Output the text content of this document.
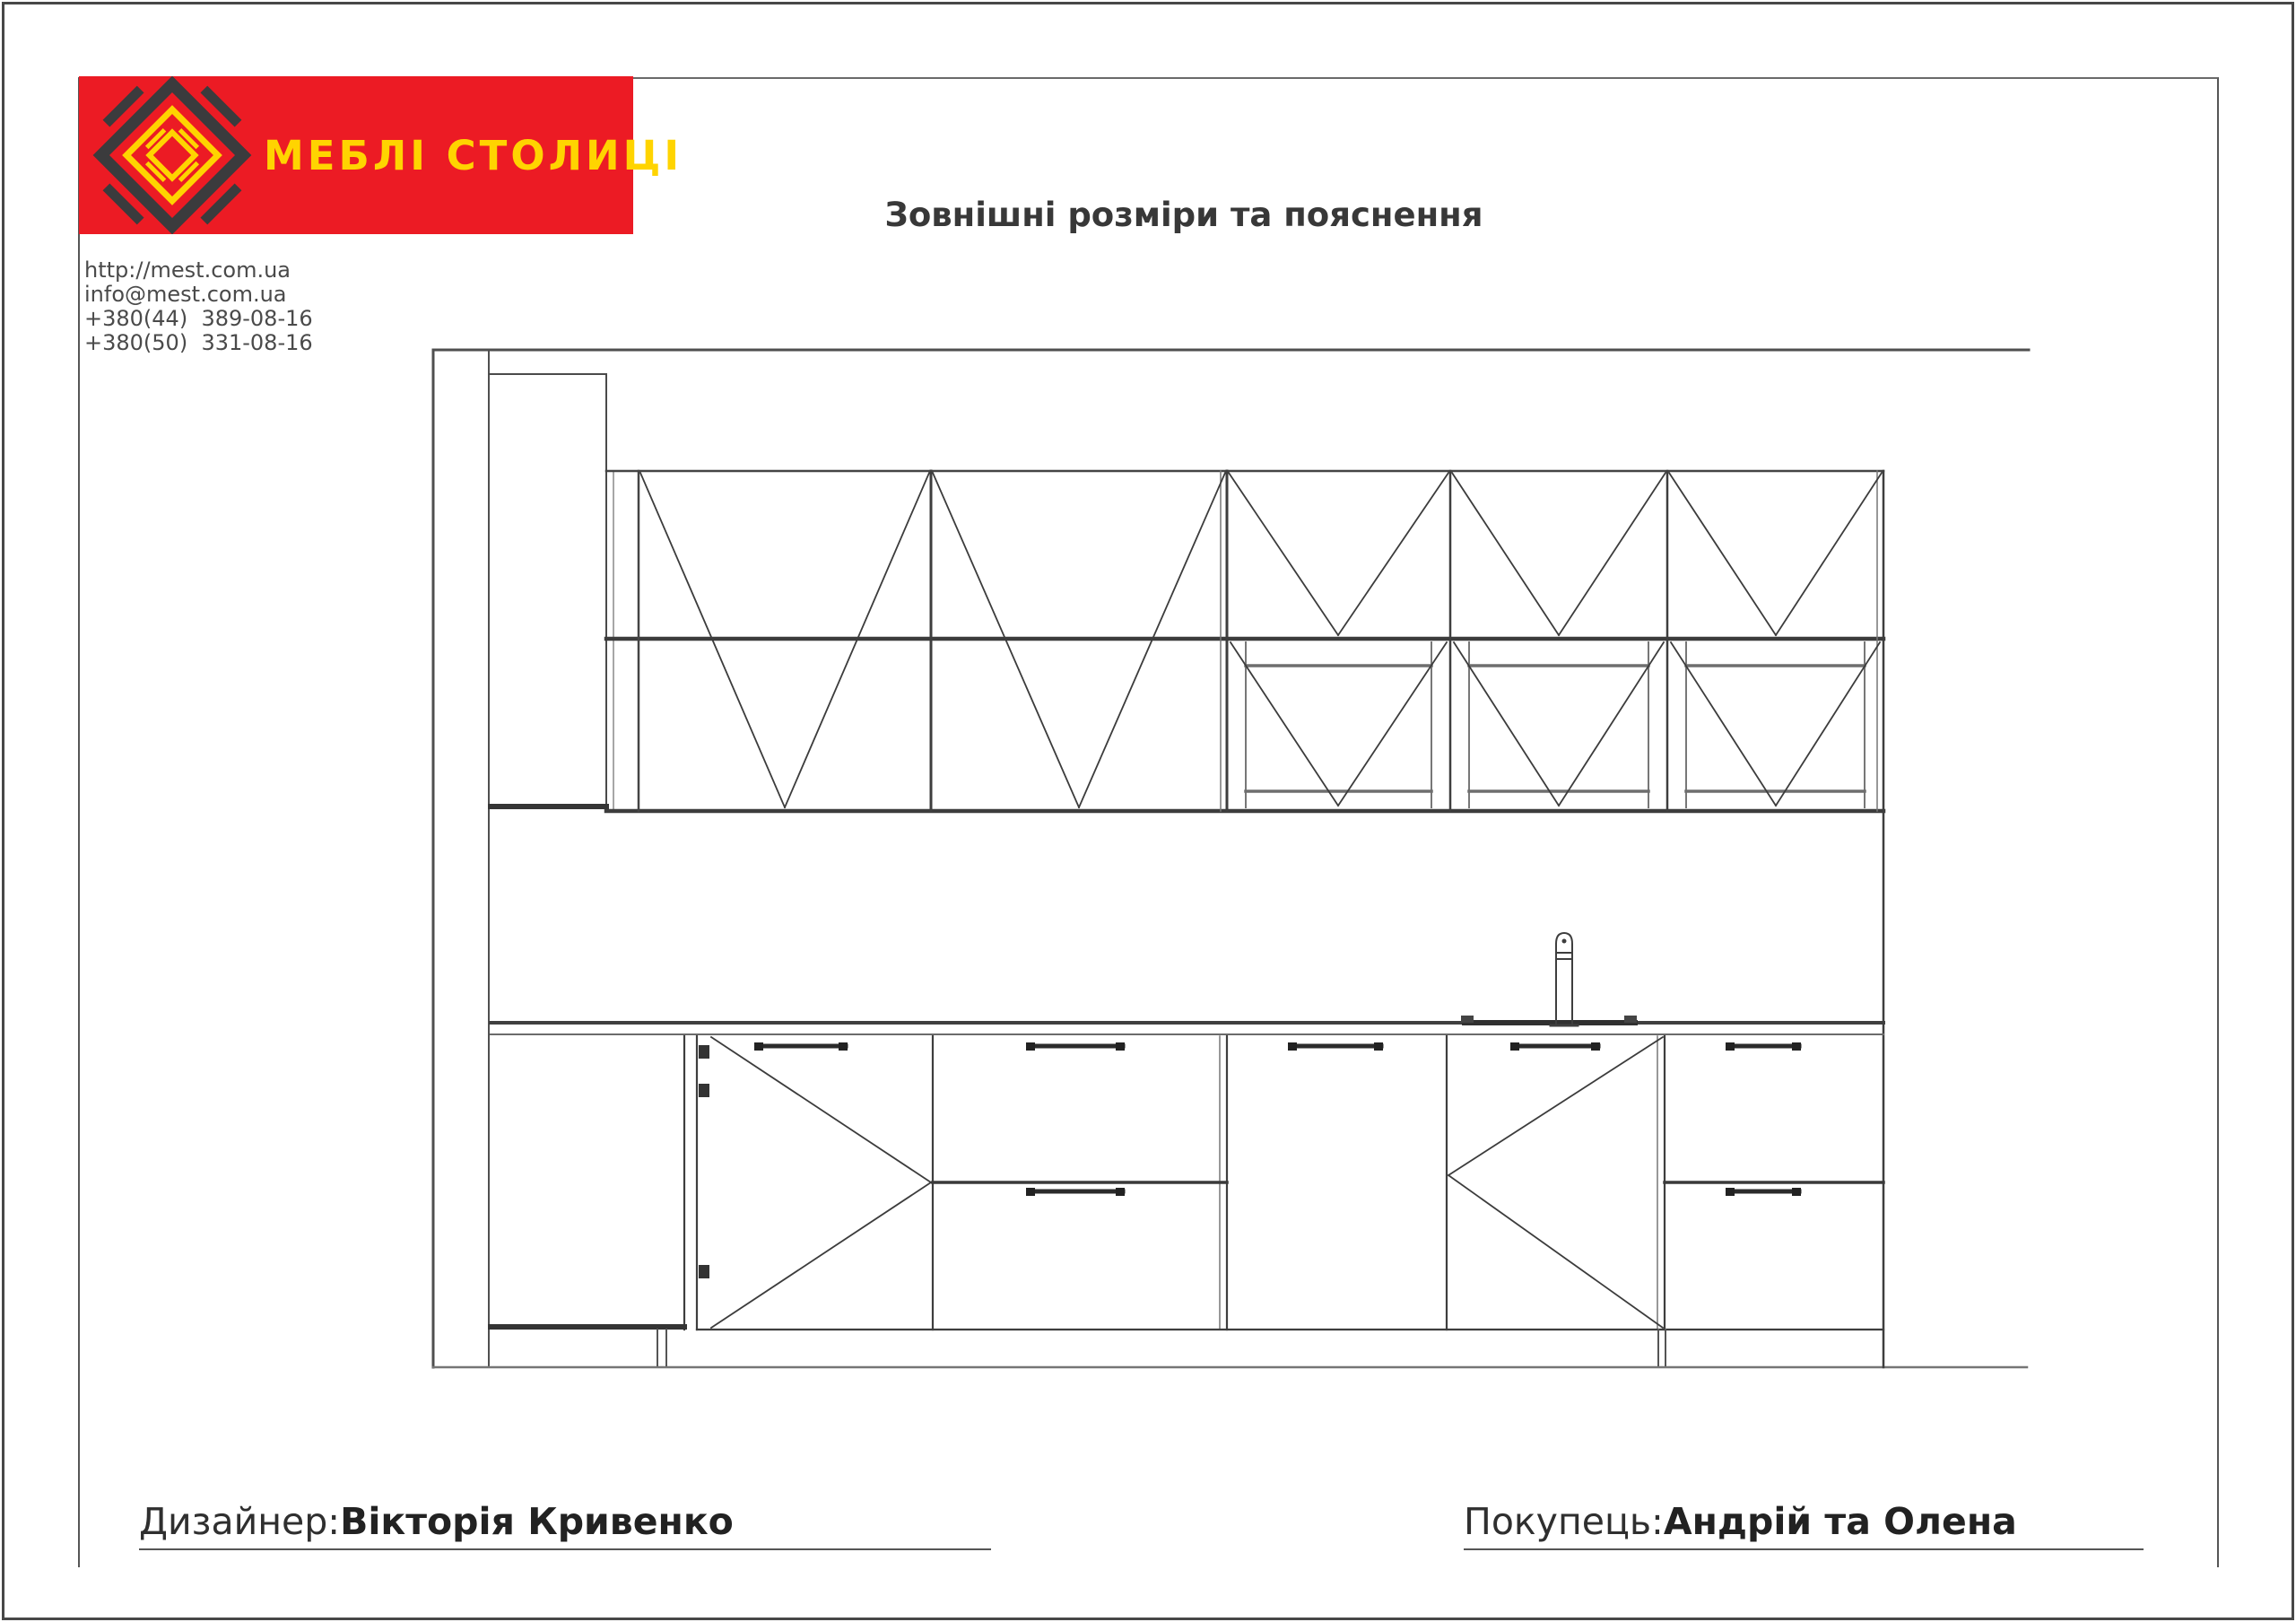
МЕБЛІ СТОЛИЦІ
http://mest.com.ua
info@mest.com.ua
+380(44)  389-08-16
+380(50)  331-08-16
Зовнішні розміри та пояснення
Дизайнер:Вікторія Кривенко	Покупець:Андрій та Олена
